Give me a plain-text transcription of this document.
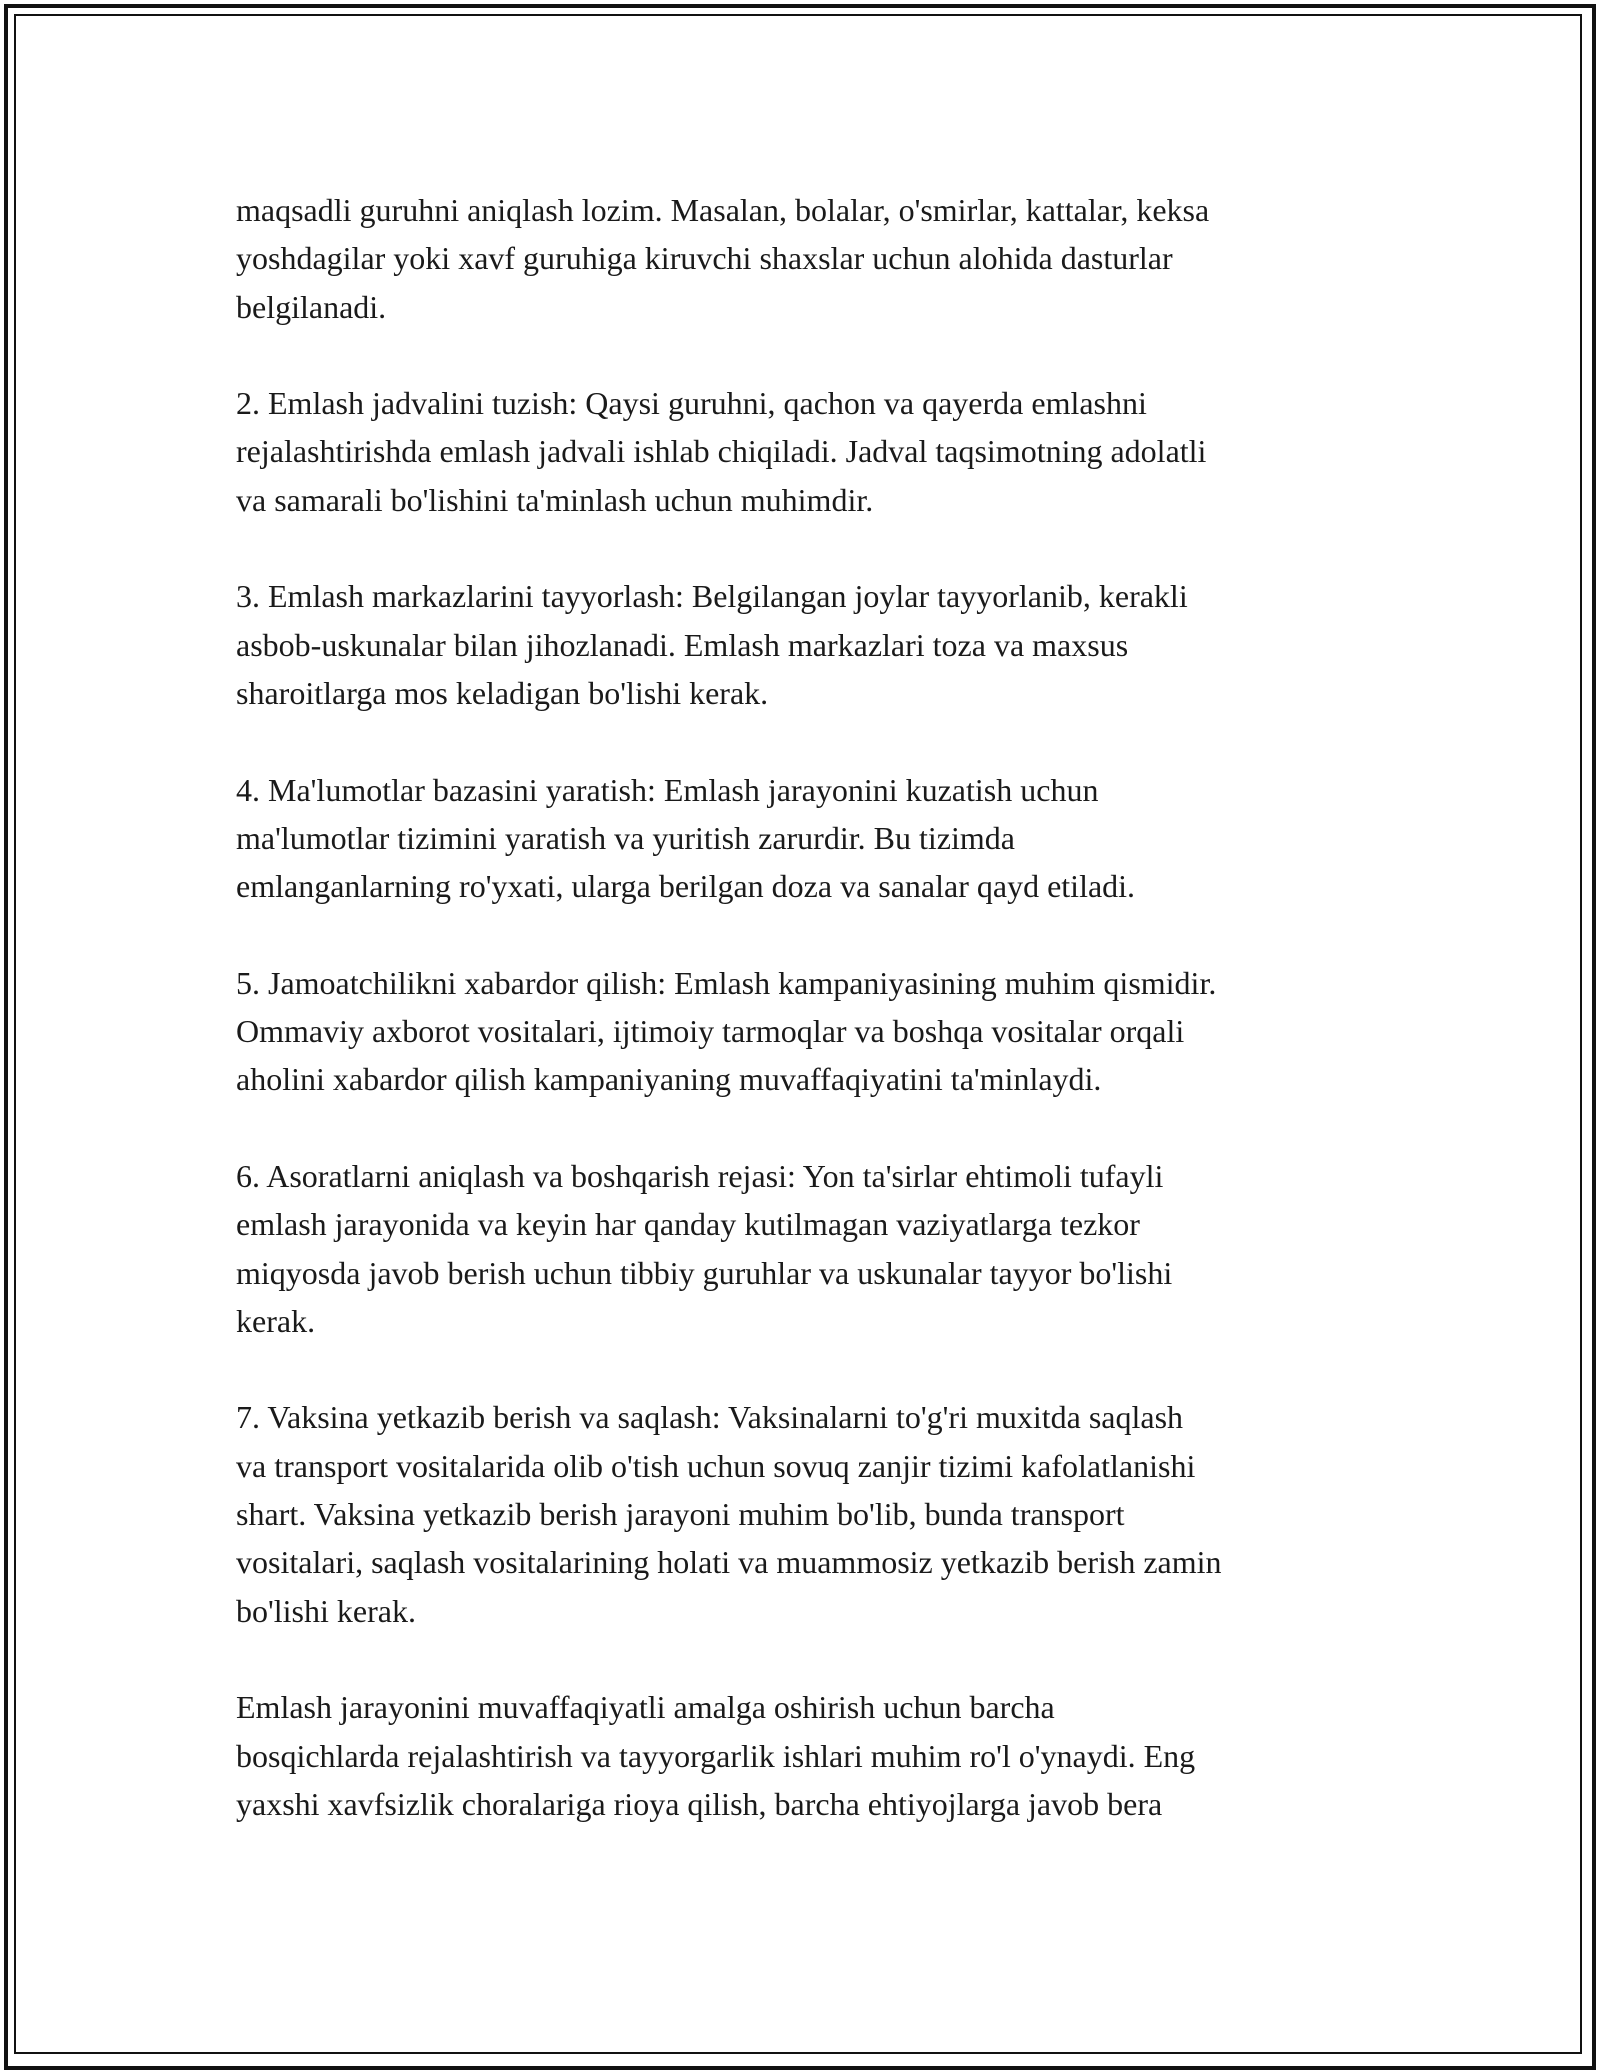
maqsadli guruhni aniqlash lozim. Masalan, bolalar, o'smirlar, kattalar, keksa
yoshdagilar yoki xavf guruhiga kiruvchi shaxslar uchun alohida dasturlar
belgilanadi.

2. Emlash jadvalini tuzish: Qaysi guruhni, qachon va qayerda emlashni
rejalashtirishda emlash jadvali ishlab chiqiladi. Jadval taqsimotning adolatli
va samarali bo'lishini ta'minlash uchun muhimdir.

3. Emlash markazlarini tayyorlash: Belgilangan joylar tayyorlanib, kerakli
asbob-uskunalar bilan jihozlanadi. Emlash markazlari toza va maxsus
sharoitlarga mos keladigan bo'lishi kerak.

4. Ma'lumotlar bazasini yaratish: Emlash jarayonini kuzatish uchun
ma'lumotlar tizimini yaratish va yuritish zarurdir. Bu tizimda
emlanganlarning ro'yxati, ularga berilgan doza va sanalar qayd etiladi.

5. Jamoatchilikni xabardor qilish: Emlash kampaniyasining muhim qismidir.
Ommaviy axborot vositalari, ijtimoiy tarmoqlar va boshqa vositalar orqali
aholini xabardor qilish kampaniyaning muvaffaqiyatini ta'minlaydi.

6. Asoratlarni aniqlash va boshqarish rejasi: Yon ta'sirlar ehtimoli tufayli
emlash jarayonida va keyin har qanday kutilmagan vaziyatlarga tezkor
miqyosda javob berish uchun tibbiy guruhlar va uskunalar tayyor bo'lishi
kerak.

7. Vaksina yetkazib berish va saqlash: Vaksinalarni to'g'ri muxitda saqlash
va transport vositalarida olib o'tish uchun sovuq zanjir tizimi kafolatlanishi
shart. Vaksina yetkazib berish jarayoni muhim bo'lib, bunda transport
vositalari, saqlash vositalarining holati va muammosiz yetkazib berish zamin
bo'lishi kerak.

Emlash jarayonini muvaffaqiyatli amalga oshirish uchun barcha
bosqichlarda rejalashtirish va tayyorgarlik ishlari muhim ro'l o'ynaydi. Eng
yaxshi xavfsizlik choralariga rioya qilish, barcha ehtiyojlarga javob bera
